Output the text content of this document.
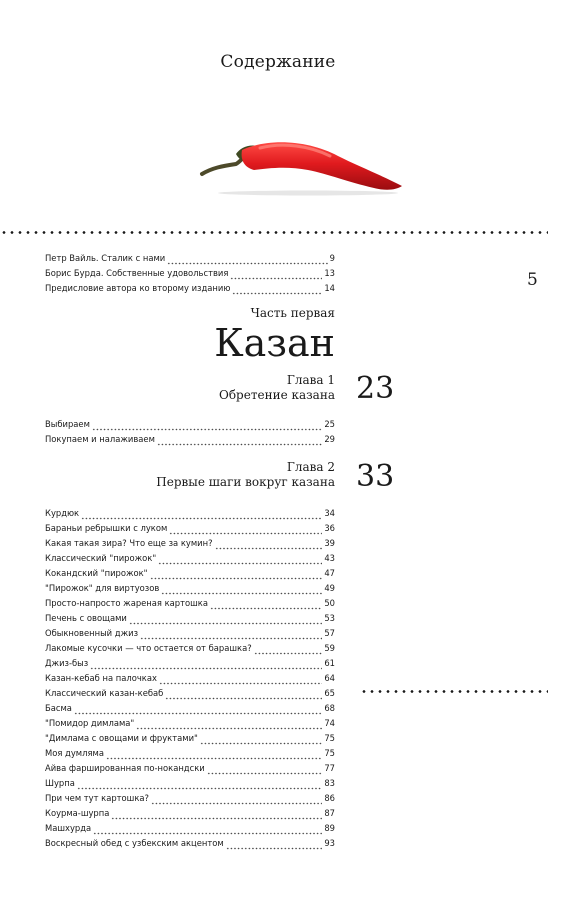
Содержание
Петр Вайль. Сталик с нами	9
Борис Бурда. Собственные удовольствия	13
Предисловие автора ко второму изданию	14	5
Часть первая
Казан
Глава 1
Обретение казана 23
Выбираем	25
Покупаем и налаживаем	29
Глава 2
Первые шаги вокруг казана 33
Курдюк	34
Бараньи ребрышки с луком	36
Какая такая зира? Что еще за кумин?	39
Классический "пирожок"	43
Кокандский "пирожок"	47
"Пирожок" для виртуозов	49
Просто-напросто жареная картошка	50
Печень с овощами	53
Обыкновенный джиз	57
Лакомые кусочки — что остается от барашка?	59
Джиз-быз	61
Казан-кебаб на палочках	64
Классический казан-кебаб	65
Басма	68
"Помидор димлама"	74
"Димлама с овощами и фруктами"	75
Моя думляма	75
Айва фаршированная по-нокандски	77
Шурпа	83
При чем тут картошка?	86
Коурма-шурпа	87
Машхурда	89
Воскресный обед с узбекским акцентом	93
